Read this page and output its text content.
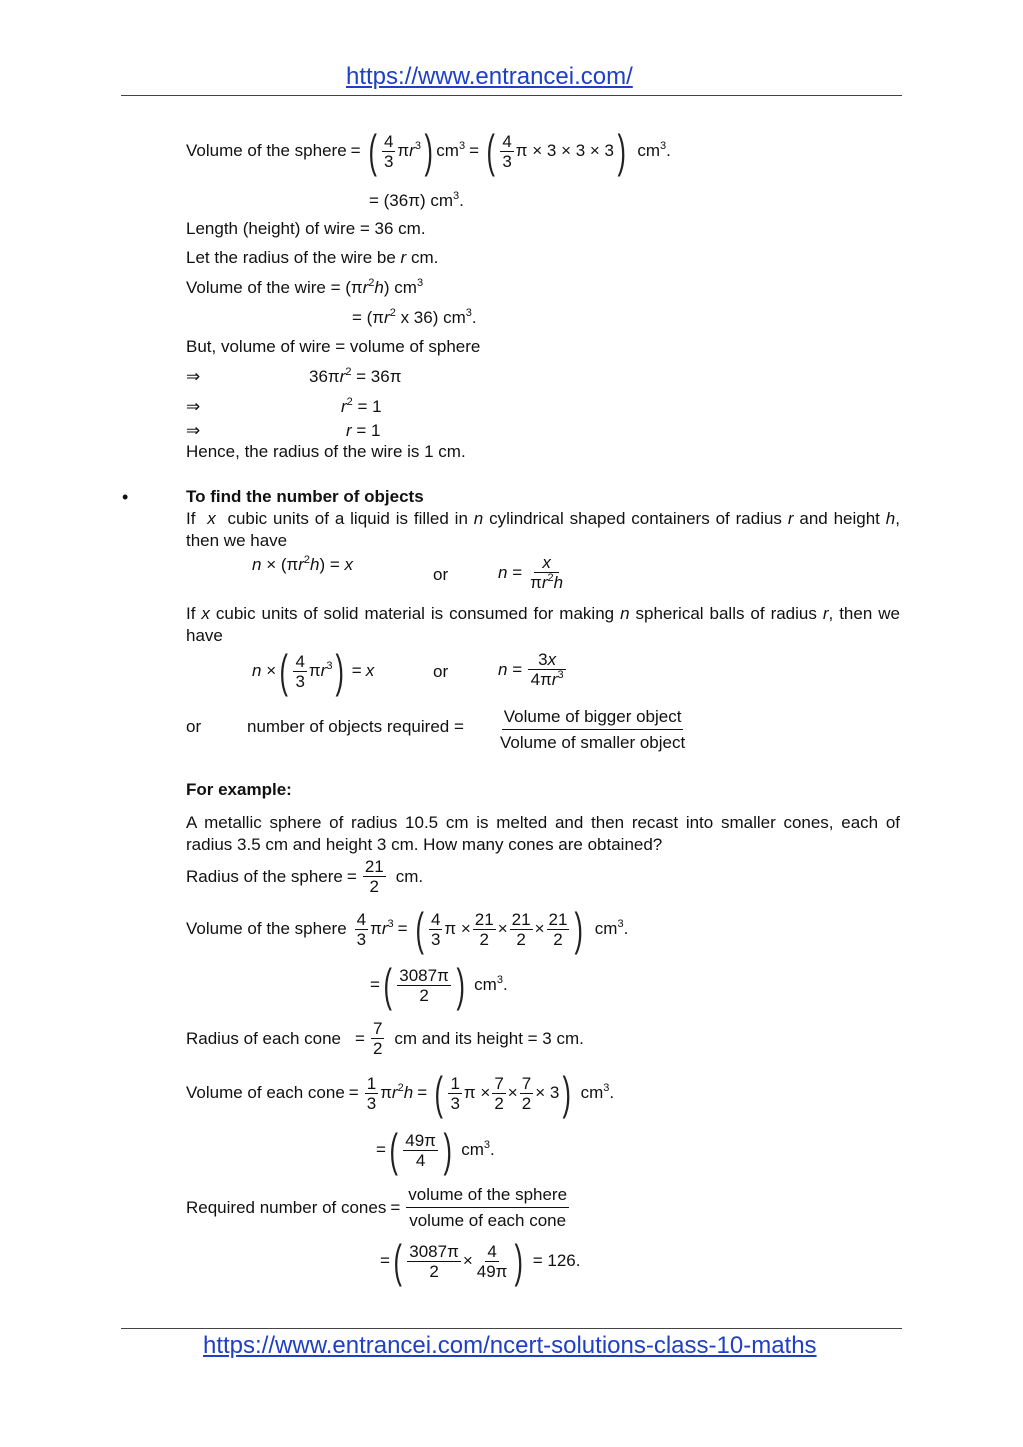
https://www.entrancei.com/
Volume of the sphere = ( $\frac{4}{3} \pi r^3$ ) $cm^3$ = ( $\frac{4}{3}$ π × 3 × 3 × 3 ) $cm^3$.
= (36π) $cm^3$.
Length (height) of wire = 36 cm.
Let the radius of the wire be r cm.
Volume of the wire = $(\pi r^2h)$ $cm^3$
= ($\pi r^2$ x 36) $cm^3$.
But, volume of wire = volume of sphere
⇒	$36\pi r^2 = 36\pi$
⇒	$r^2 = 1$
⇒	r = 1
Hence, the radius of the wire is 1 cm.
•	To find the number of objects
If x cubic units of a liquid is filled in n cylindrical shaped containers of radius r and height h, then we have
$n \times (\pi r^2h) = x$
or	$n = \frac{x}{\pi r^2h}$
If x cubic units of solid material is consumed for making n spherical balls of radius r, then we have
n × ( $\frac{4}{3} \pi r^3$ ) = x	or	$n = \frac{3x}{4\pi r^3}$
or	number of objects required = $\frac{\text{Volume of bigger object}}{\text{Volume of smaller object}}$
For example:
A metallic sphere of radius 10.5 cm is melted and then recast into smaller cones, each of radius 3.5 cm and height 3 cm. How many cones are obtained?
Radius of the sphere = $\frac{21}{2}$ cm.
Volume of the sphere $\frac{4}{3} \pi r^3$ = ( $\frac{4}{3}$ $\pi \times \frac{21}{2} \times \frac{21}{2} \times \frac{21}{2}$ ) $cm^3$.
= ( $\frac{3087\pi}{2}$ ) $cm^3$.
Radius of each cone = $\frac{7}{2}$ cm and its height = 3 cm.
Volume of each cone = $\frac{1}{3} \pi r^2h$ = ( $\frac{1}{3}$ $\pi \times \frac{7}{2} \times \frac{7}{2} \times 3$ ) $cm^3$.
= ( $\frac{49\pi}{4}$ ) $cm^3$.
Required number of cones = $\frac{\text{volume of the sphere}}{\text{volume of each cone}}$
= ( $\frac{3087\pi}{2} \times \frac{4}{49\pi}$ ) = 126.
https://www.entrancei.com/ncert-solutions-class-10-maths
